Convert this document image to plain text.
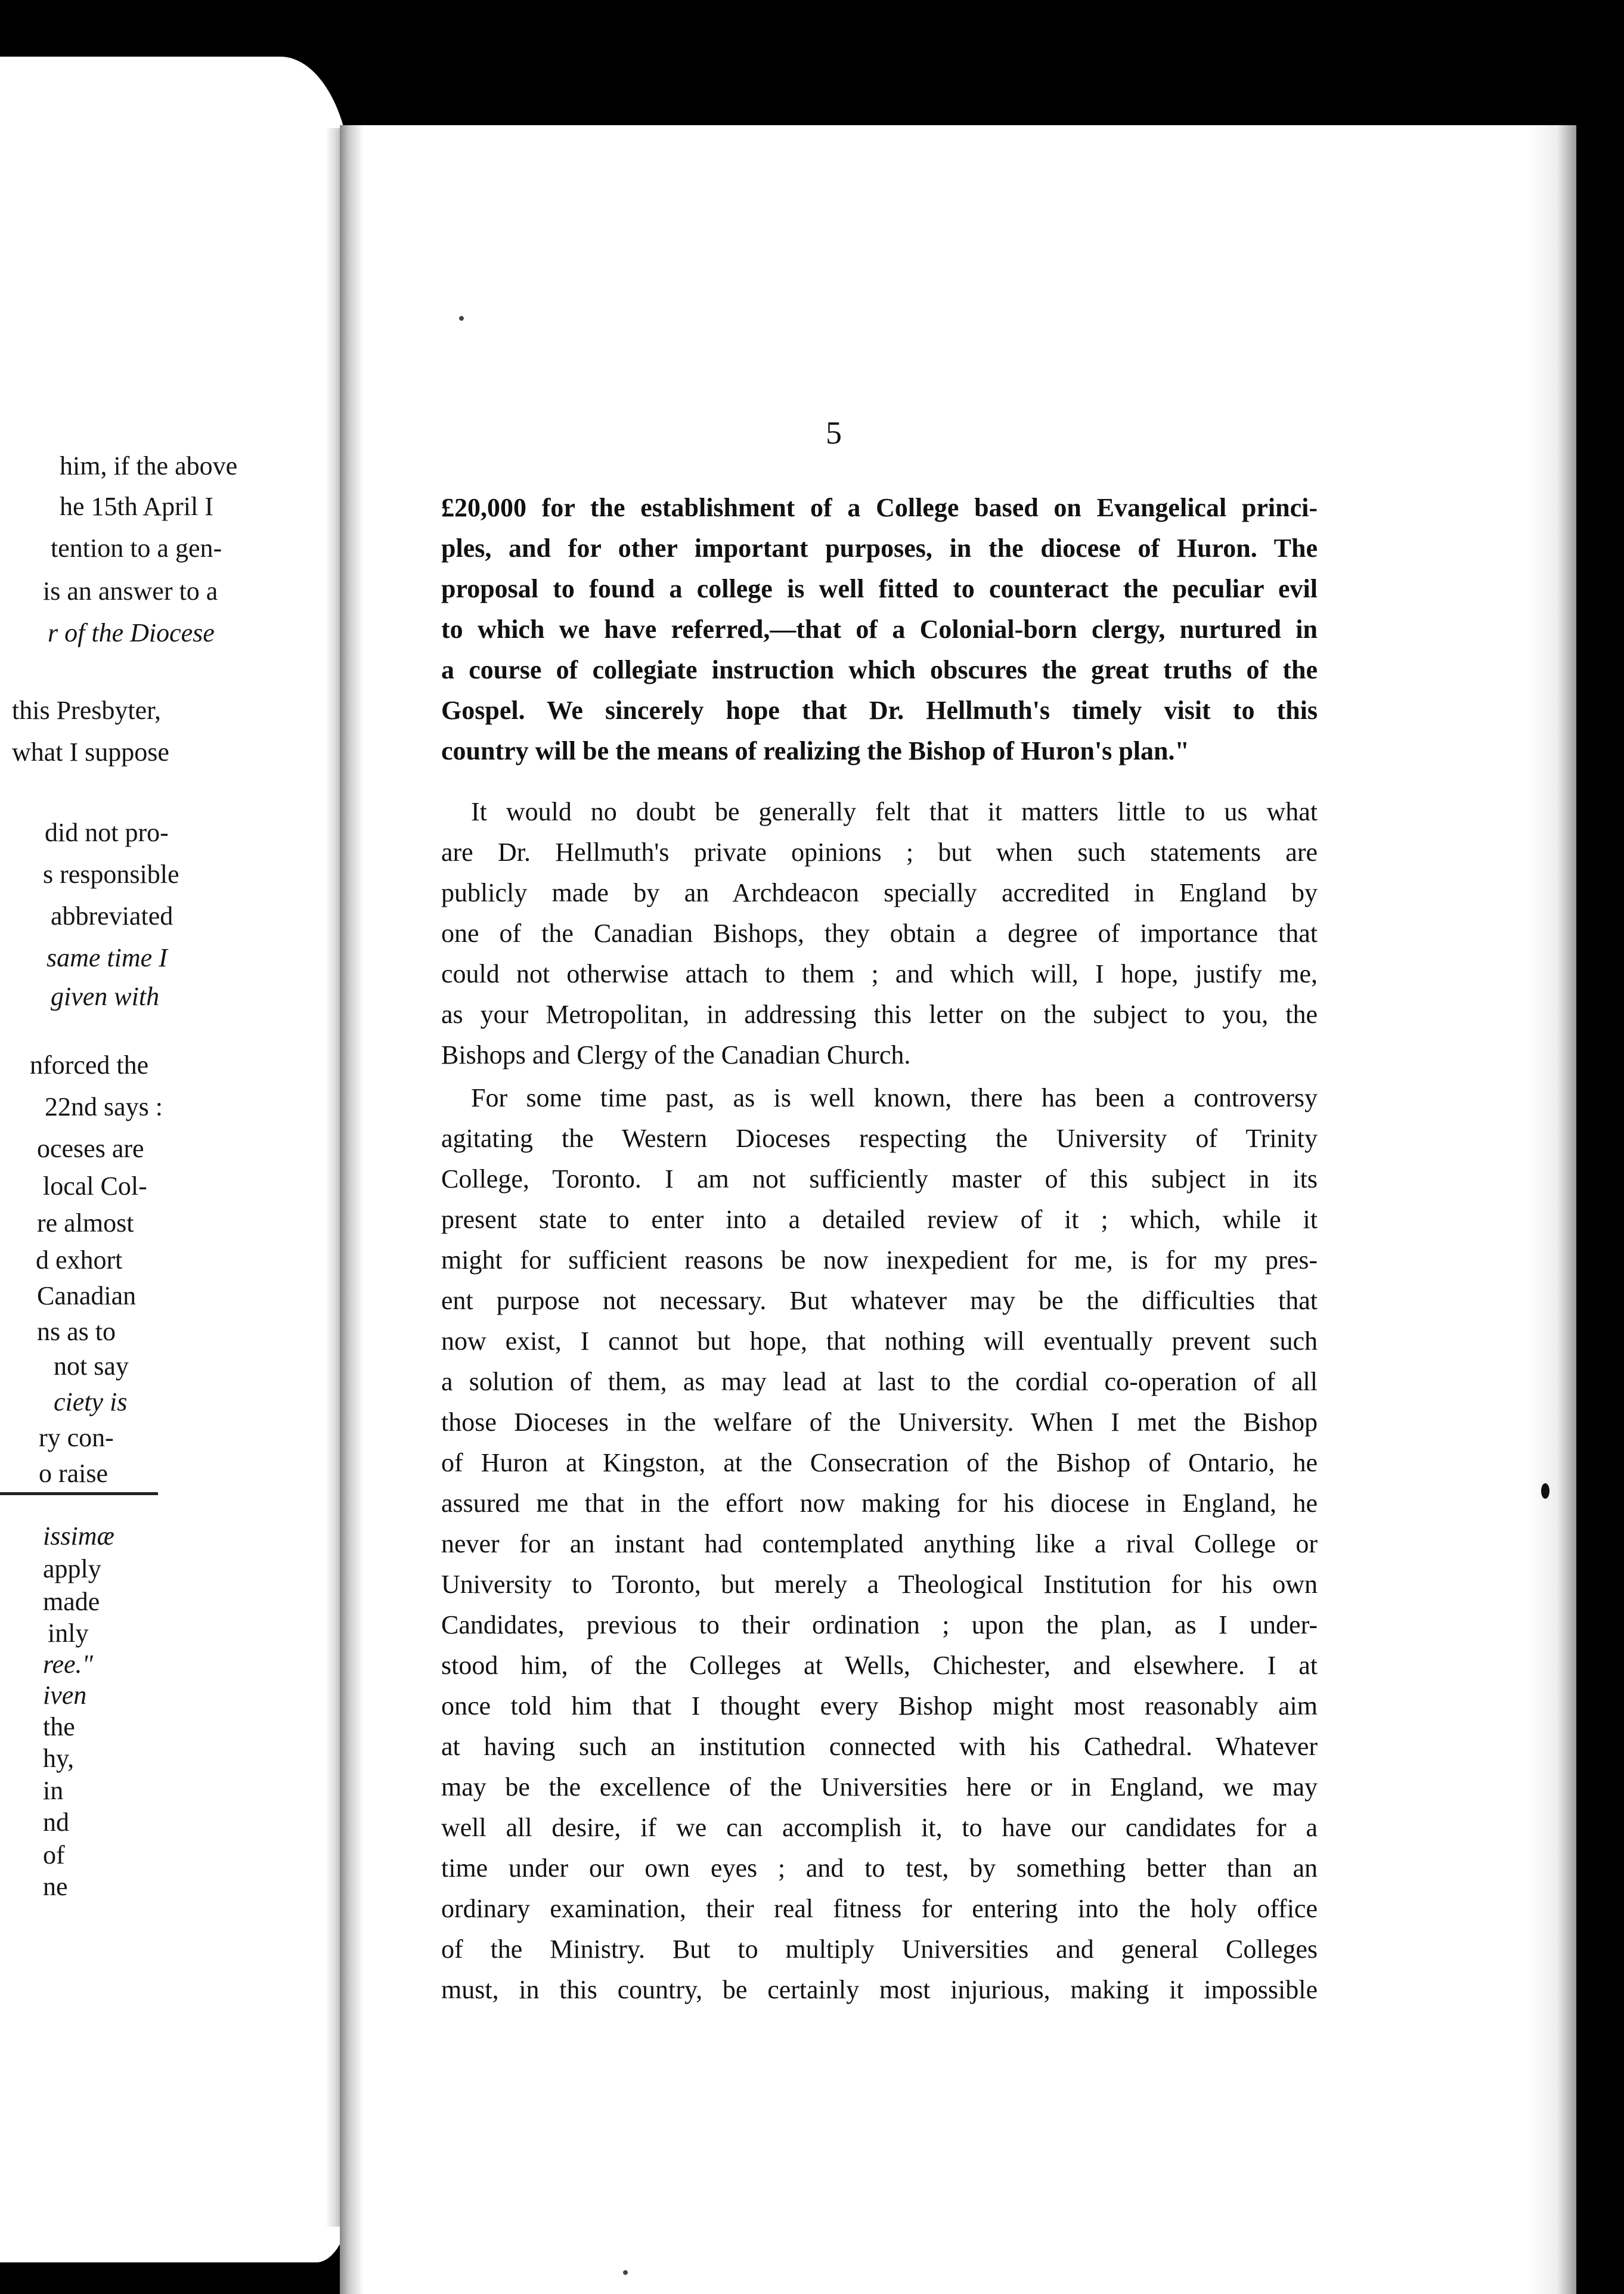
him, if the above
he 15th April I
tention to a gen-
is an answer to a
r of the Diocese
this Presbyter,
what I suppose
did not pro-
s responsible
abbreviated
same time I
given with
nforced the
22nd says :
oceses are
local Col-
re almost
d exhort
Canadian
ns as to
not say
ciety is
ry con-
o raise
issimæ
apply
made
inly
ree."
iven
the
hy,
in
nd
of
ne
5
£20,000 for the establishment of a College based on Evangelical princi-
ples, and for other important purposes, in the diocese of Huron. The
proposal to found a college is well fitted to counteract the peculiar evil
to which we have referred,—that of a Colonial-born clergy, nurtured in
a course of collegiate instruction which obscures the great truths of the
Gospel. We sincerely hope that Dr. Hellmuth's timely visit to this
country will be the means of realizing the Bishop of Huron's plan."
It would no doubt be generally felt that it matters little to us what
are Dr. Hellmuth's private opinions ; but when such statements are
publicly made by an Archdeacon specially accredited in England by
one of the Canadian Bishops, they obtain a degree of importance that
could not otherwise attach to them ; and which will, I hope, justify me,
as your Metropolitan, in addressing this letter on the subject to you, the
Bishops and Clergy of the Canadian Church.
For some time past, as is well known, there has been a controversy
agitating the Western Dioceses respecting the University of Trinity
College, Toronto. I am not sufficiently master of this subject in its
present state to enter into a detailed review of it ; which, while it
might for sufficient reasons be now inexpedient for me, is for my pres-
ent purpose not necessary. But whatever may be the difficulties that
now exist, I cannot but hope, that nothing will eventually prevent such
a solution of them, as may lead at last to the cordial co-operation of all
those Dioceses in the welfare of the University. When I met the Bishop
of Huron at Kingston, at the Consecration of the Bishop of Ontario, he
assured me that in the effort now making for his diocese in England, he
never for an instant had contemplated anything like a rival College or
University to Toronto, but merely a Theological Institution for his own
Candidates, previous to their ordination ; upon the plan, as I under-
stood him, of the Colleges at Wells, Chichester, and elsewhere. I at
once told him that I thought every Bishop might most reasonably aim
at having such an institution connected with his Cathedral. Whatever
may be the excellence of the Universities here or in England, we may
well all desire, if we can accomplish it, to have our candidates for a
time under our own eyes ; and to test, by something better than an
ordinary examination, their real fitness for entering into the holy office
of the Ministry. But to multiply Universities and general Colleges
must, in this country, be certainly most injurious, making it impossible
